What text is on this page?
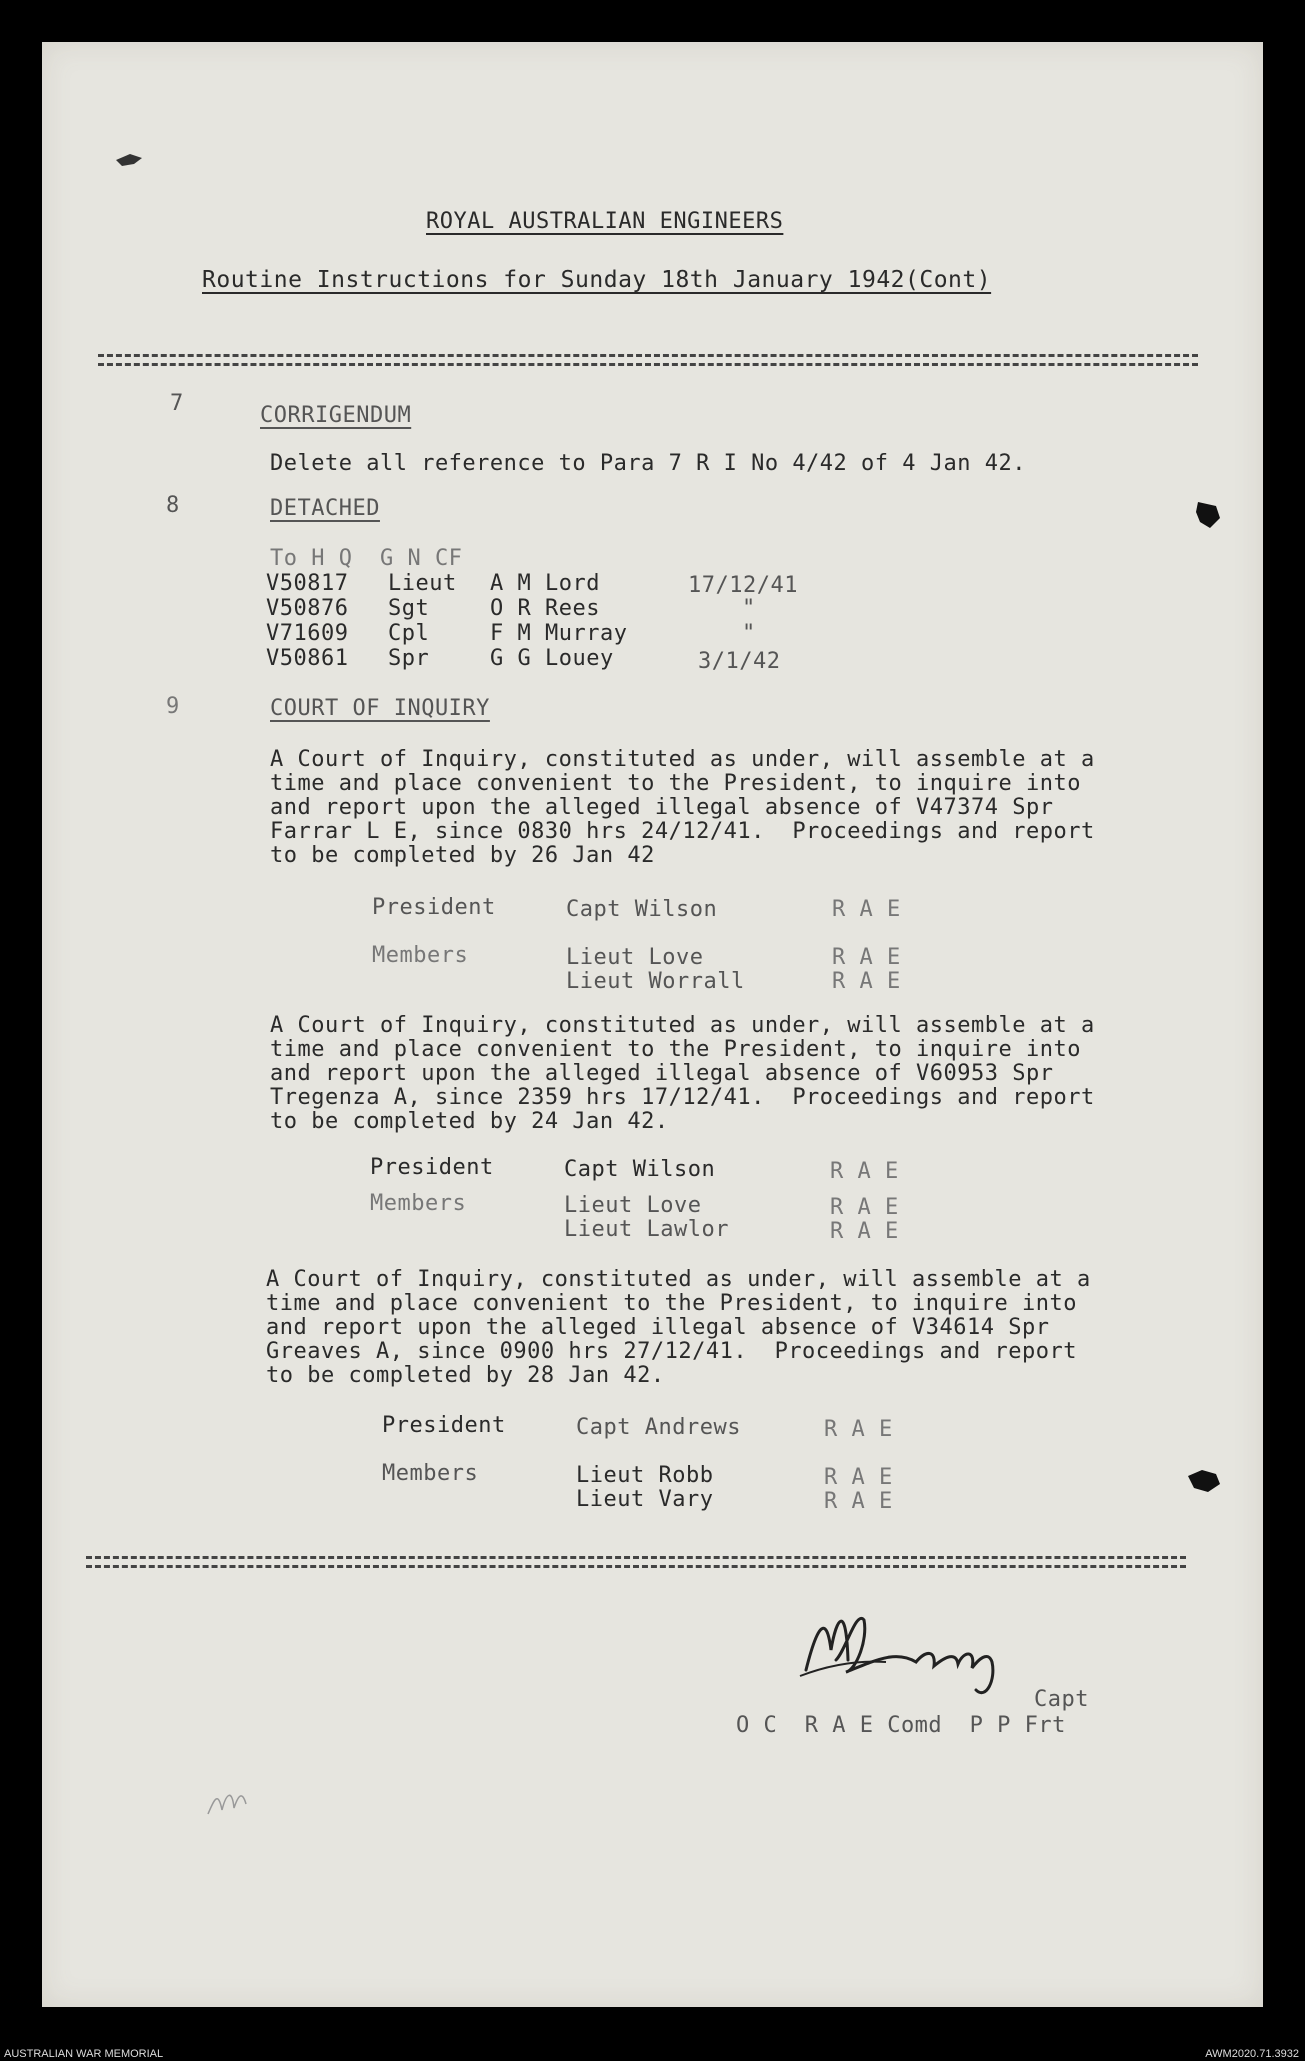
ROYAL AUSTRALIAN ENGINEERS
Routine Instructions for Sunday 18th January 1942(Cont)
7	CORRIGENDUM
Delete all reference to Para 7 R I No 4/42 of 4 Jan 42.
8	DETACHED
To H Q  G N CF
V50817 Lieut A M Lord	17/12/41
V50876 Sgt	O R Rees	"
V71609 Cpl	F M Murray	"
V50861 Spr	G G Louey	3/1/42
9	COURT OF INQUIRY
A Court of Inquiry, constituted as under, will assemble at a
time and place convenient to the President, to inquire into
and report upon the alleged illegal absence of V47374 Spr
Farrar L E, since 0830 hrs 24/12/41.  Proceedings and report
to be completed by 26 Jan 42
President	Capt Wilson	R A E
Members	Lieut Love	R A E
Lieut Worrall	R A E
A Court of Inquiry, constituted as under, will assemble at a
time and place convenient to the President, to inquire into
and report upon the alleged illegal absence of V60953 Spr
Tregenza A, since 2359 hrs 17/12/41.  Proceedings and report
to be completed by 24 Jan 42.
President	Capt Wilson	R A E
Members	Lieut Love	R A E
Lieut Lawlor	R A E
A Court of Inquiry, constituted as under, will assemble at a
time and place convenient to the President, to inquire into
and report upon the alleged illegal absence of V34614 Spr
Greaves A, since 0900 hrs 27/12/41.  Proceedings and report
to be completed by 28 Jan 42.
President	Capt Andrews	R A E
Members	Lieut Robb	R A E
Lieut Vary	R A E
Capt
O C  R A E Comd  P P Frt
AUSTRALIAN WAR MEMORIAL	AWM2020.71.3932
